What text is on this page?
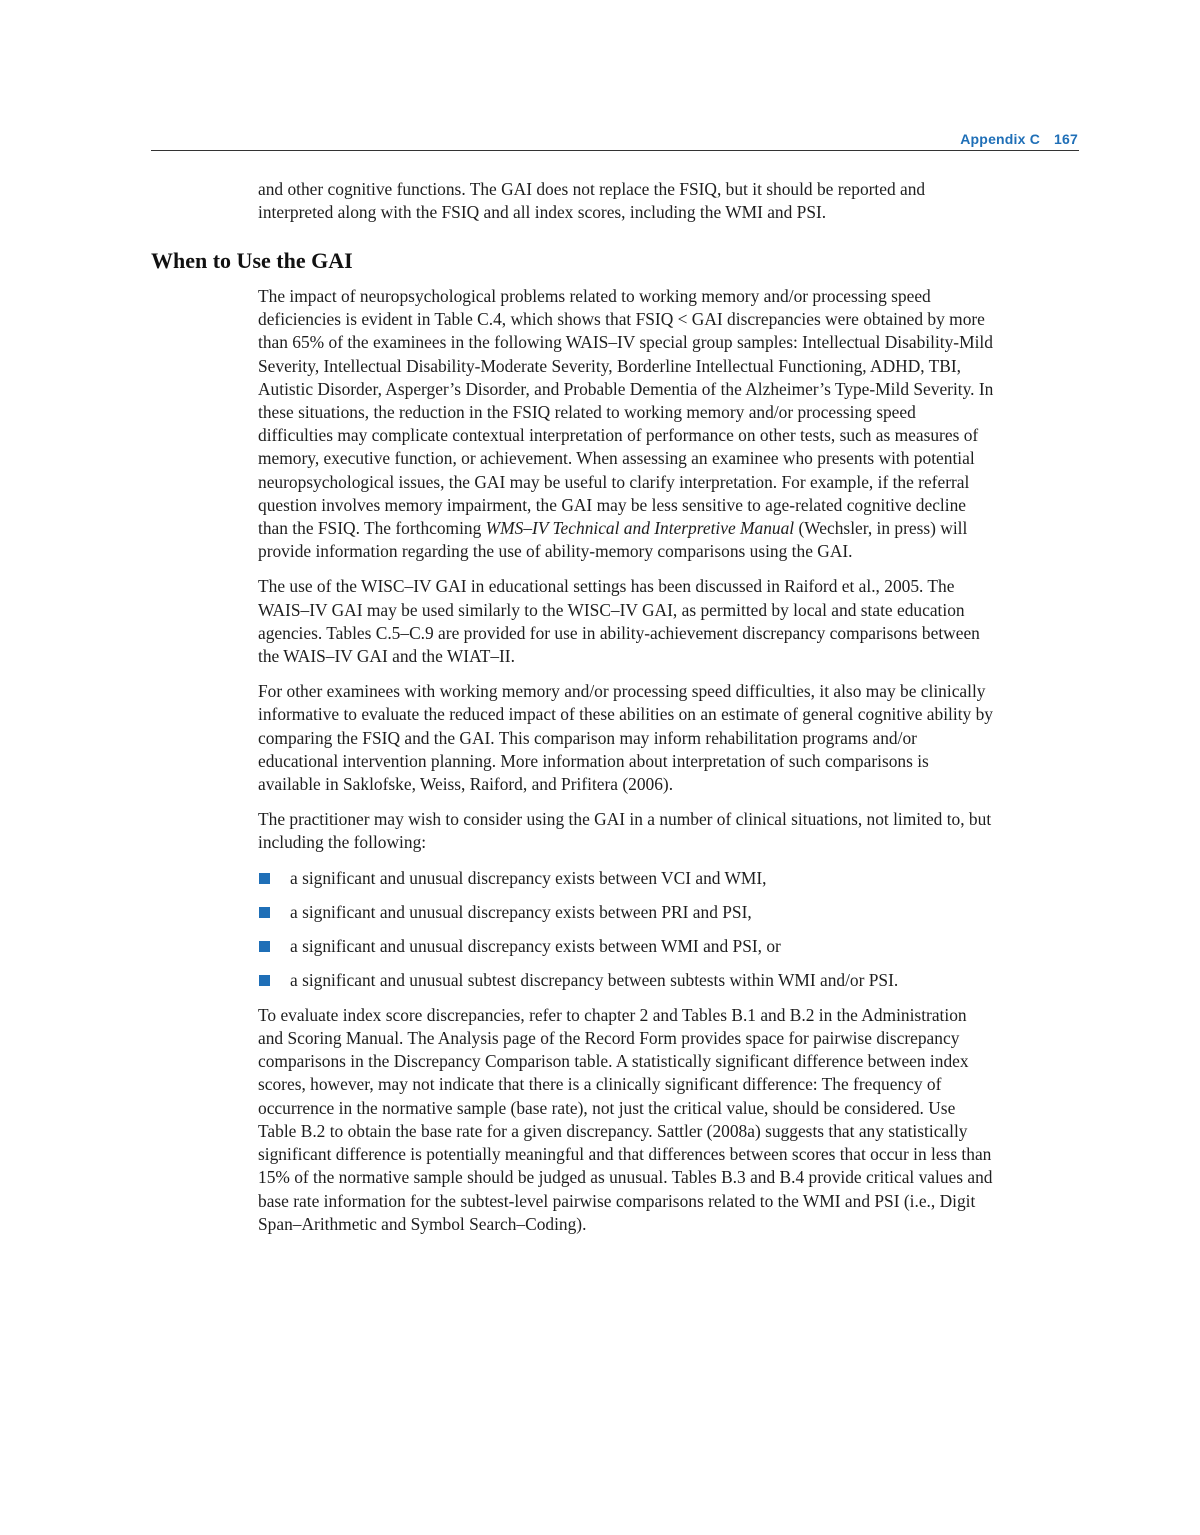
Appendix C 167

and other cognitive functions. The GAI does not replace the FSIQ, but it should be reported and interpreted along with the FSIQ and all index scores, including the WMI and PSI.

When to Use the GAI

The impact of neuropsychological problems related to working memory and/or processing speed deficiencies is evident in Table C.4, which shows that FSIQ < GAI discrepancies were obtained by more than 65% of the examinees in the following WAIS–IV special group samples: Intellectual Disability-Mild Severity, Intellectual Disability-Moderate Severity, Borderline Intellectual Functioning, ADHD, TBI, Autistic Disorder, Asperger’s Disorder, and Probable Dementia of the Alzheimer’s Type-Mild Severity. In these situations, the reduction in the FSIQ related to working memory and/or processing speed difficulties may complicate contextual interpretation of performance on other tests, such as measures of memory, executive function, or achievement. When assessing an examinee who presents with potential neuropsychological issues, the GAI may be useful to clarify interpretation. For example, if the referral question involves memory impairment, the GAI may be less sensitive to age-related cognitive decline than the FSIQ. The forthcoming WMS–IV Technical and Interpretive Manual (Wechsler, in press) will provide information regarding the use of ability-memory comparisons using the GAI.

The use of the WISC–IV GAI in educational settings has been discussed in Raiford et al., 2005. The WAIS–IV GAI may be used similarly to the WISC–IV GAI, as permitted by local and state education agencies. Tables C.5–C.9 are provided for use in ability-achievement discrepancy comparisons between the WAIS–IV GAI and the WIAT–II.

For other examinees with working memory and/or processing speed difficulties, it also may be clinically informative to evaluate the reduced impact of these abilities on an estimate of general cognitive ability by comparing the FSIQ and the GAI. This comparison may inform rehabilitation programs and/or educational intervention planning. More information about interpretation of such comparisons is available in Saklofske, Weiss, Raiford, and Prifitera (2006).

The practitioner may wish to consider using the GAI in a number of clinical situations, not limited to, but including the following:

a significant and unusual discrepancy exists between VCI and WMI,
a significant and unusual discrepancy exists between PRI and PSI,
a significant and unusual discrepancy exists between WMI and PSI, or
a significant and unusual subtest discrepancy between subtests within WMI and/or PSI.

To evaluate index score discrepancies, refer to chapter 2 and Tables B.1 and B.2 in the Administration and Scoring Manual. The Analysis page of the Record Form provides space for pairwise discrepancy comparisons in the Discrepancy Comparison table. A statistically significant difference between index scores, however, may not indicate that there is a clinically significant difference: The frequency of occurrence in the normative sample (base rate), not just the critical value, should be considered. Use Table B.2 to obtain the base rate for a given discrepancy. Sattler (2008a) suggests that any statistically significant difference is potentially meaningful and that differences between scores that occur in less than 15% of the normative sample should be judged as unusual. Tables B.3 and B.4 provide critical values and base rate information for the subtest-level pairwise comparisons related to the WMI and PSI (i.e., Digit Span–Arithmetic and Symbol Search–Coding).
